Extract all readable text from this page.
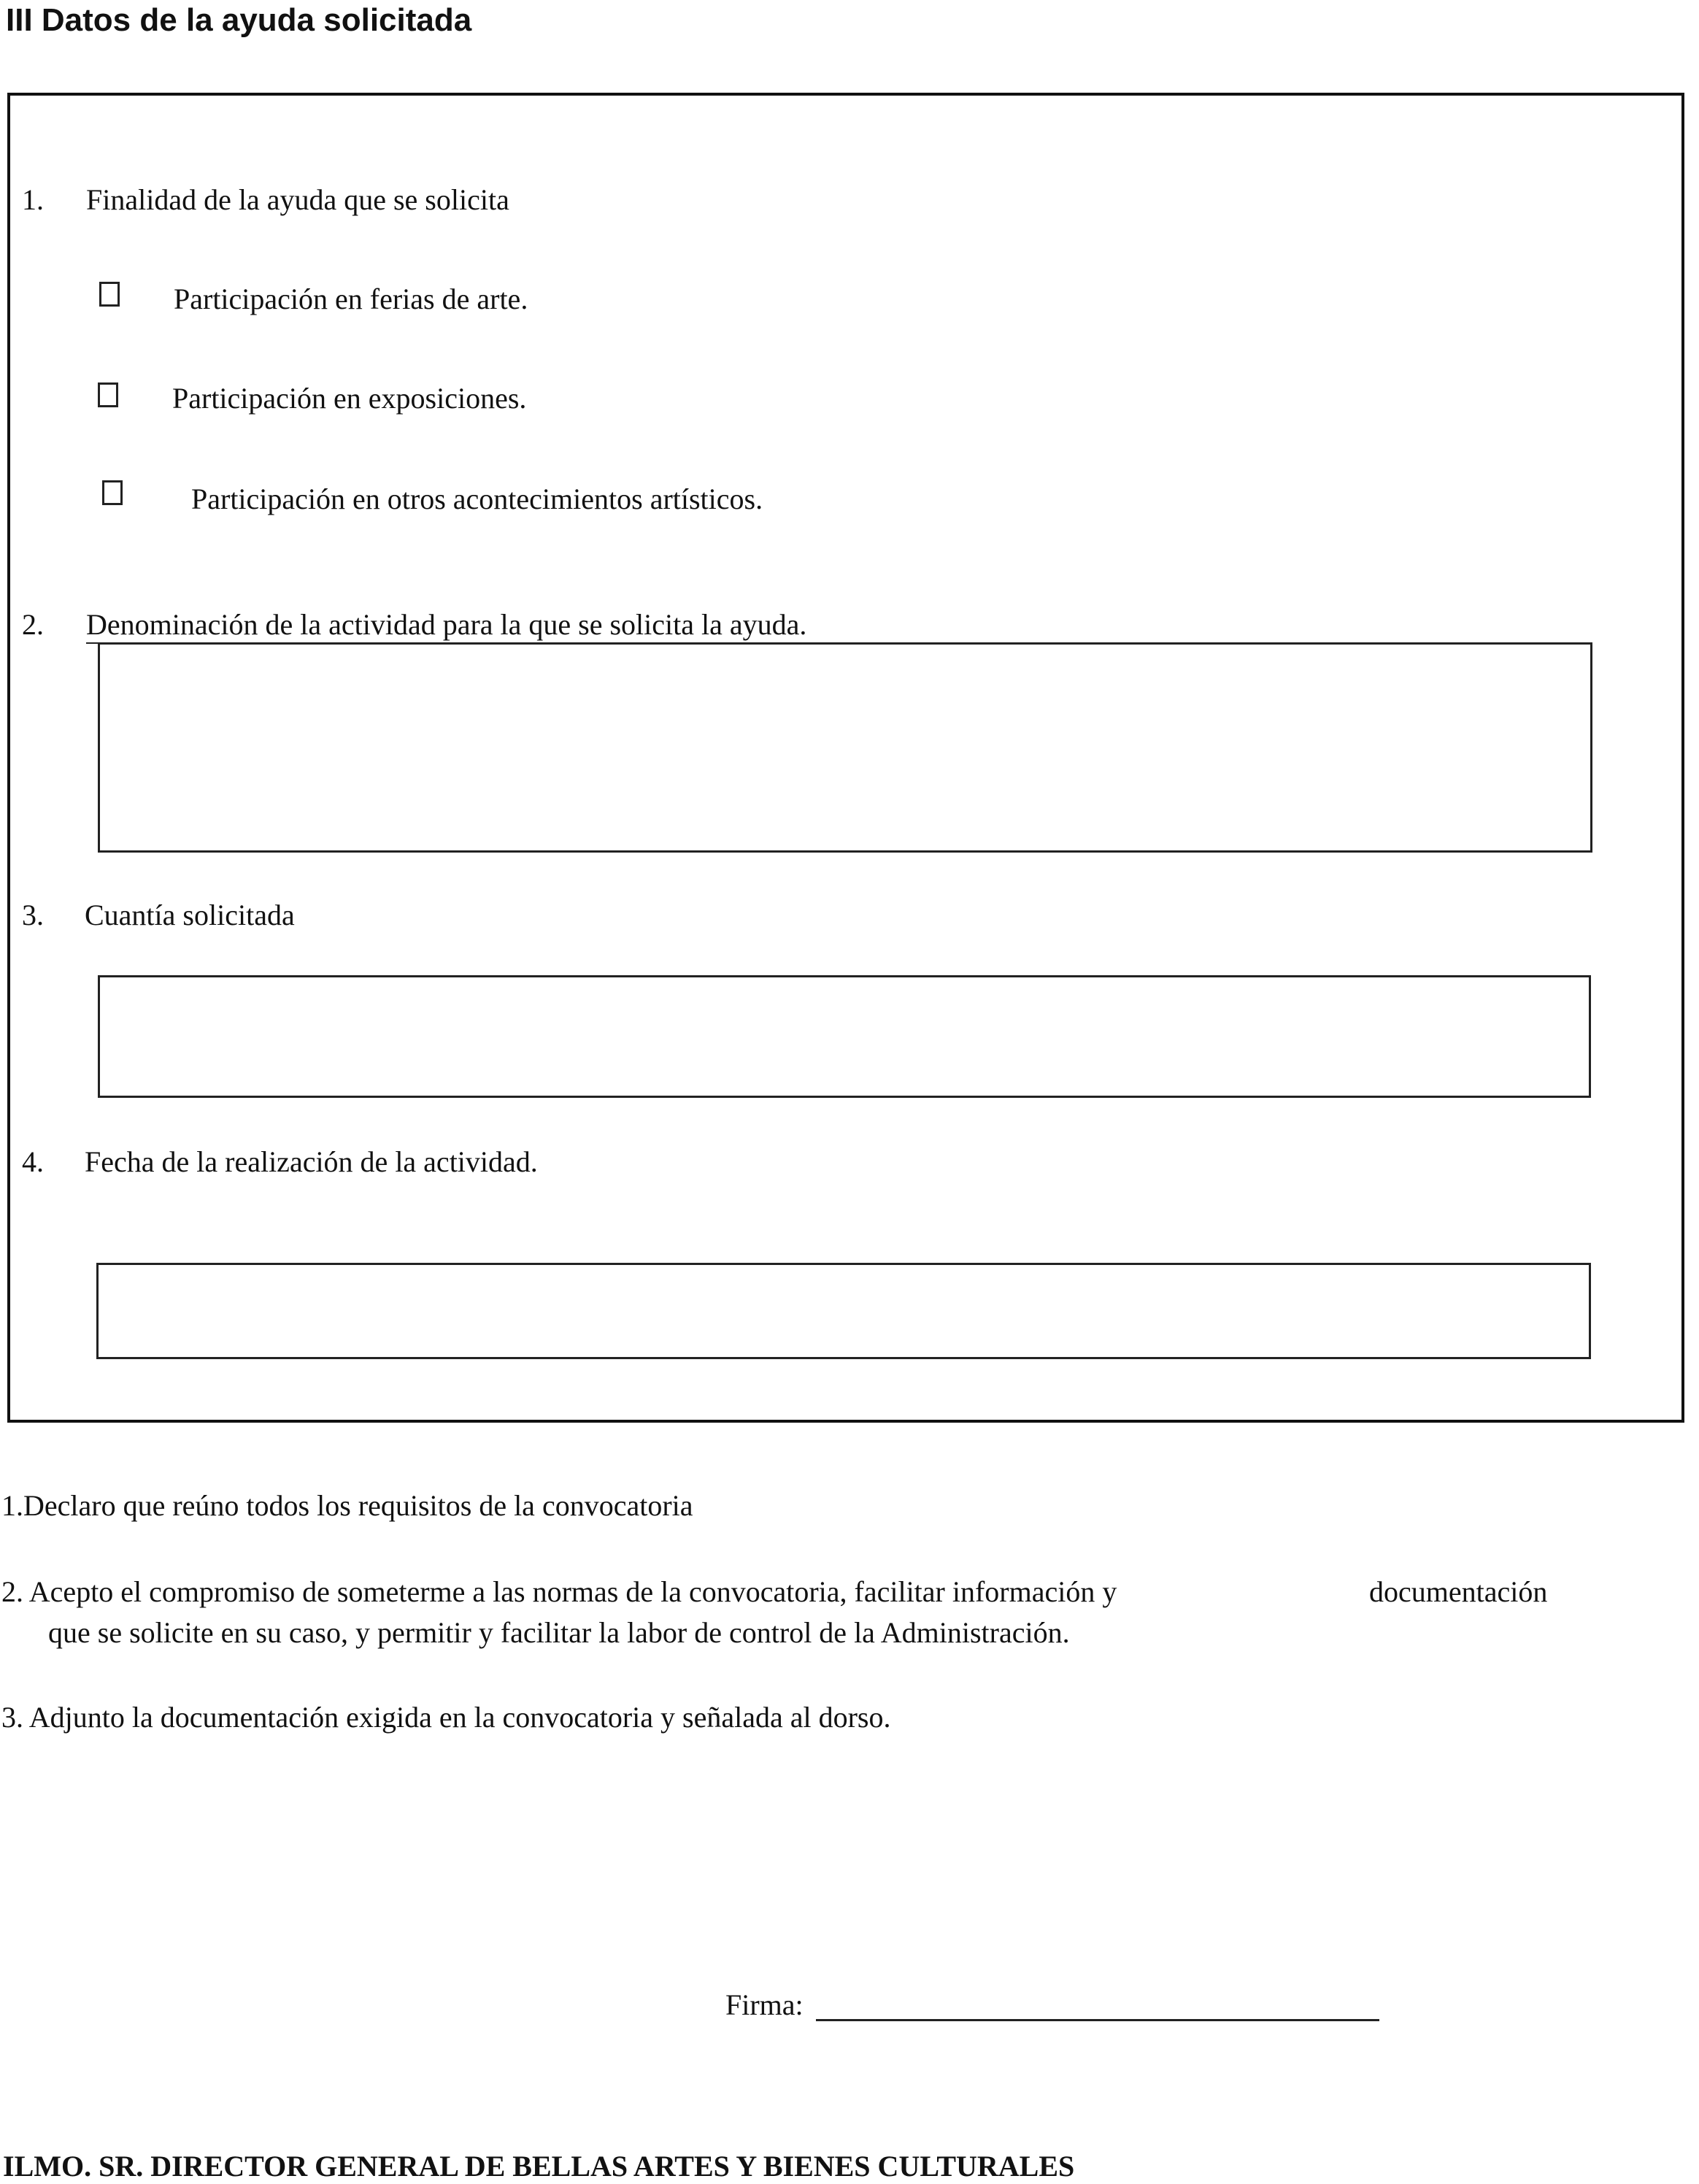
III Datos de la ayuda solicitada
1. Finalidad de la ayuda que se solicita
Participación en ferias de arte.
Participación en exposiciones.
Participación en otros acontecimientos artísticos.
2. Denominación de la actividad para la que se solicita la ayuda.
3. Cuantía solicitada
4. Fecha de la realización de la actividad.
1.Declaro que reúno todos los requisitos de la convocatoria
2. Acepto el compromiso de someterme a las normas de la convocatoria, facilitar información y	documentación
que se solicite en su caso, y permitir y facilitar la labor de control de la Administración.
3. Adjunto la documentación exigida en la convocatoria y señalada al dorso.
Firma:
ILMO. SR. DIRECTOR GENERAL DE BELLAS ARTES Y BIENES CULTURALES
